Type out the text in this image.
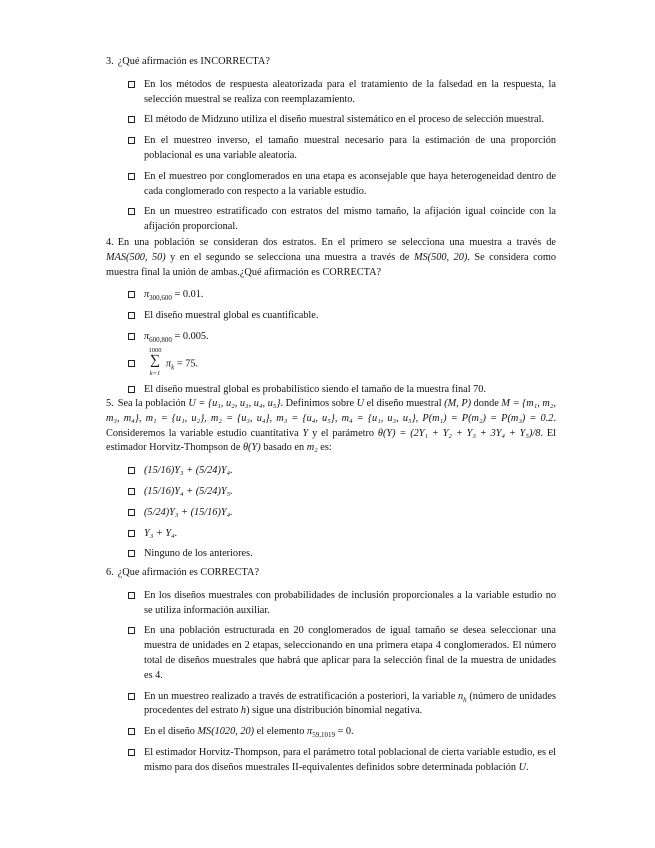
3. ¿Qué afirmación es INCORRECTA?
En los métodos de respuesta aleatorizada para el tratamiento de la falsedad en la respuesta, la selección muestral se realiza con reemplazamiento.
El método de Midzuno utiliza el diseño muestral sistemático en el proceso de selección muestral.
En el muestreo inverso, el tamaño muestral necesario para la estimación de una proporción poblacional es una variable aleatoria.
En el muestreo por conglomerados en una etapa es aconsejable que haya heterogeneidad dentro de cada conglomerado con respecto a la variable estudio.
En un muestreo estratificado con estratos del mismo tamaño, la afijación igual coincide con la afijación proporcional.
4. En una población se consideran dos estratos. En el primero se selecciona una muestra a través de MAS(500, 50) y en el segundo se selecciona una muestra a través de MS(500, 20). Se considera como muestra final la unión de ambas.¿Qué afirmación es CORRECTA?
$\pi_{300,600} = 0.01$.
El diseño muestral global es cuantificable.
$\pi_{600,800} = 0.005$.
1000
∑
k=1
$\pi_k = 75$.
El diseño muestral global es probabilístico siendo el tamaño de la muestra final 70.
5. Sea la población U = {u₁, u₂, u₃, u₄, u₅}. Definimos sobre U el diseño muestral (M, P) donde M = {m₁, m₂, m₃, m₄}, m₁ = {u₁, u₂}, m₂ = {u₃, u₄}, m₃ = {u₄, u₅}, m₄ = {u₁, u₃, u₅}, P(m₁) = P(m₂) = P(m₃) = 0.2. Consideremos la variable estudio cuantitativa Y y el parámetro θ(Y) = (2Y₁ + Y₂ + Y₃ + 3Y₄ + Y₅)/8. El estimador Horvitz-Thompson de θ(Y) basado en m₂ es:
(15/16)Y₃ + (5/24)Y₄.
(15/16)Y₄ + (5/24)Y₅.
(5/24)Y₃ + (15/16)Y₄.
Y₃ + Y₄.
Ninguno de los anteriores.
6. ¿Que afirmación es CORRECTA?
En los diseños muestrales con probabilidades de inclusión proporcionales a la variable estudio no se utiliza información auxiliar.
En una población estructurada en 20 conglomerados de igual tamaño se desea seleccionar una muestra de unidades en 2 etapas, seleccionando en una primera etapa 4 conglomerados. El número total de diseños muestrales que habrá que aplicar para la selección final de la muestra de unidades es 4.
En un muestreo realizado a través de estratificación a posteriori, la variable $n_h$ (número de unidades procedentes del estrato h) sigue una distribución binomial negativa.
En el diseño MS(1020, 20) el elemento $\pi_{59,1019} = 0$.
El estimador Horvitz-Thompson, para el parámetro total poblacional de cierta variable estudio, es el mismo para dos diseños muestrales II-equivalentes definidos sobre determinada población U.
